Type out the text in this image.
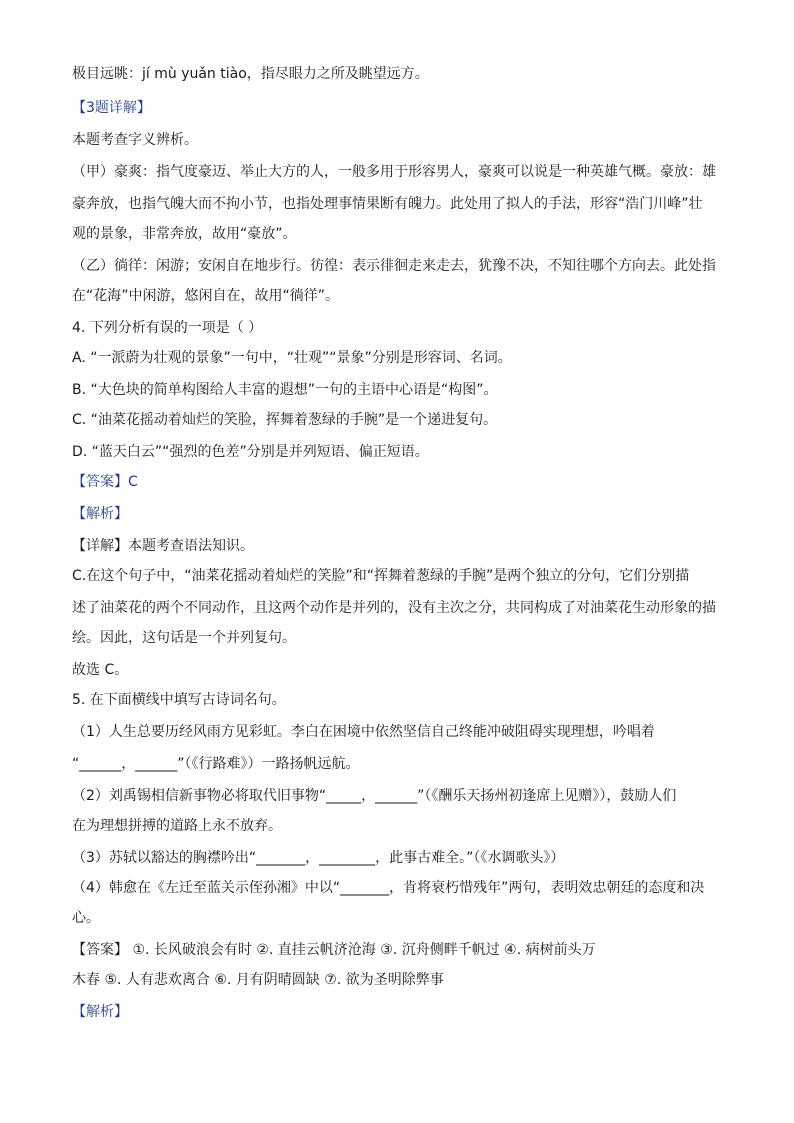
极目远眺：jí mù yuǎn tiào，指尽眼力之所及眺望远方。
【3题详解】
本题考查字义辨析。
（甲）豪爽：指气度豪迈、举止大方的人，一般多用于形容男人，豪爽可以说是一种英雄气概。豪放：雄
豪奔放，也指气魄大而不拘小节，也指处理事情果断有魄力。此处用了拟人的手法，形容“浩门川峰”壮
观的景象，非常奔放，故用“豪放”。
（乙）徜徉：闲游；安闲自在地步行。彷徨：表示徘徊走来走去，犹豫不决，不知往哪个方向去。此处指
在“花海”中闲游，悠闲自在，故用“徜徉”。
4. 下列分析有误的一项是（ ）
A. “一派蔚为壮观的景象”一句中，“壮观”“景象”分别是形容词、名词。
B. “大色块的简单构图给人丰富的遐想”一句的主语中心语是“构图”。
C. “油菜花摇动着灿烂的笑脸，挥舞着葱绿的手腕”是一个递进复句。
D. “蓝天白云”“强烈的色差”分别是并列短语、偏正短语。
【答案】C
【解析】
【详解】本题考查语法知识。
C.在这个句子中，“油菜花摇动着灿烂的笑脸”和“挥舞着葱绿的手腕”是两个独立的分句，它们分别描
述了油菜花的两个不同动作，且这两个动作是并列的，没有主次之分，共同构成了对油菜花生动形象的描
绘。因此，这句话是一个并列复句。
故选 C。
5. 在下面横线中填写古诗词名句。
（1）人生总要历经风雨方见彩虹。李白在困境中依然坚信自己终能冲破阻碍实现理想，吟唱着
“______，______”（《行路难》）一路扬帆远航。
（2）刘禹锡相信新事物必将取代旧事物“_____，______”（《酬乐天扬州初逢席上见赠》），鼓励人们
在为理想拼搏的道路上永不放弃。
（3）苏轼以豁达的胸襟吟出“_______，________，此事古难全。”（《水调歌头》）
（4）韩愈在《左迁至蓝关示侄孙湘》中以“_______，肯将衰朽惜残年”两句，表明效忠朝廷的态度和决
心。
【答案】 ①. 长风破浪会有时 ②. 直挂云帆济沧海 ③. 沉舟侧畔千帆过 ④. 病树前头万
木春 ⑤. 人有悲欢离合 ⑥. 月有阴晴圆缺 ⑦. 欲为圣明除弊事
【解析】
